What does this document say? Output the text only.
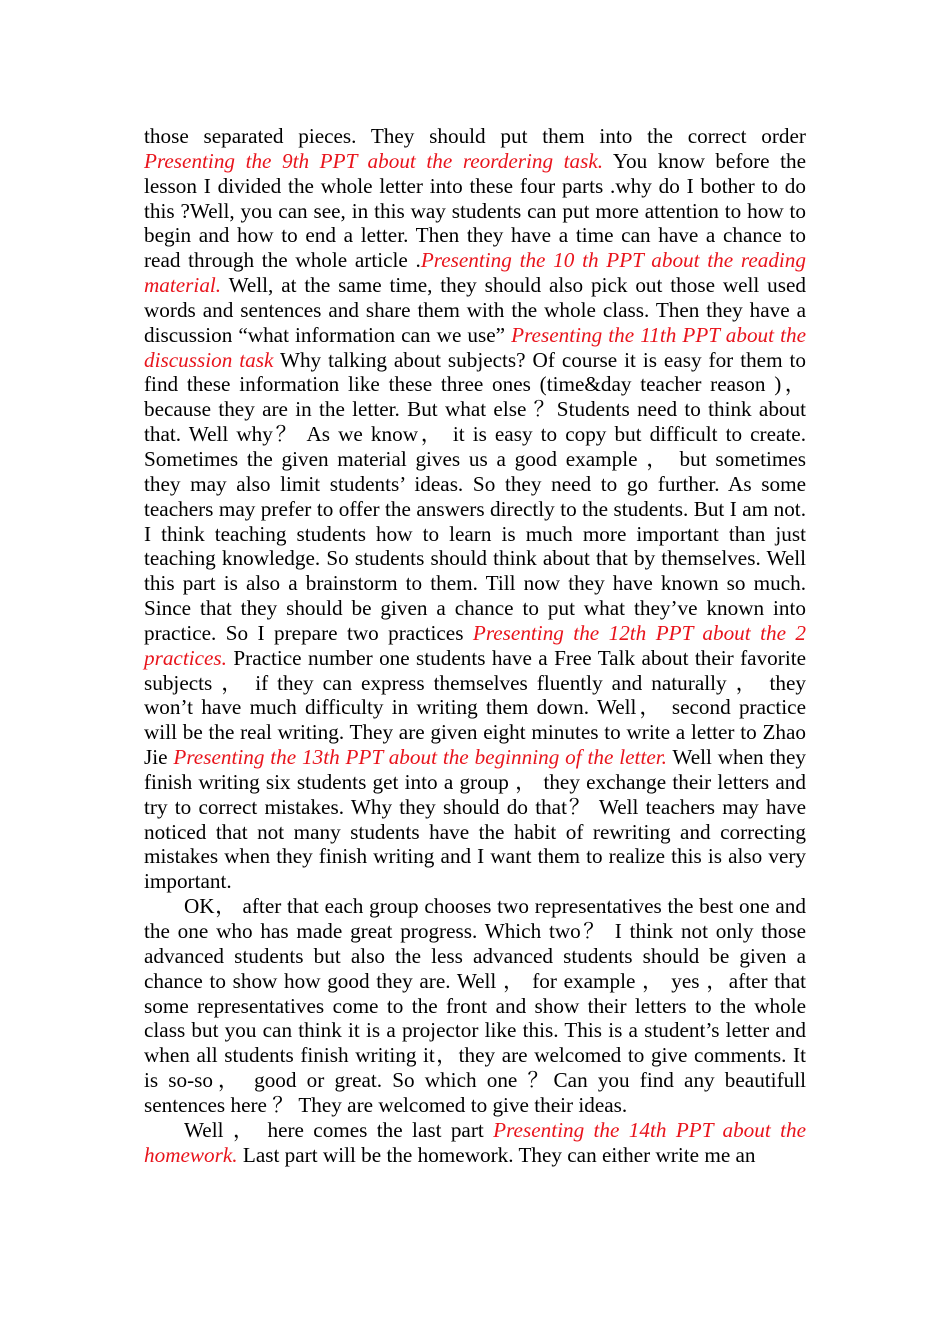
those separated pieces. They should put them into the correct order Presenting the 9th PPT about the reordering task. You know before the lesson I divided the whole letter into these four parts .why do I bother to do this ?Well, you can see, in this way students can put more attention to how to begin and how to end a letter. Then they have a time can have a chance to read through the whole article .Presenting the 10 th PPT about the reading material. Well, at the same time, they should also pick out those well used words and sentences and share them with the whole class. Then they have a discussion “what information can we use” Presenting the 11th PPT about the discussion task Why talking about subjects? Of course it is easy for them to find these information like these three ones (time&day teacher reason )，because they are in the letter. But what else ？Students need to think about that. Well why？ As we know， it is easy to copy but difficult to create. Sometimes the given material gives us a good example ， but sometimes they may also limit students’ ideas. So they need to go further. As some teachers may prefer to offer the answers directly to the students. But I am not. I think teaching students how to learn is much more important than just teaching knowledge. So students should think about that by themselves. Well this part is also a brainstorm to them. Till now they have known so much. Since that they should be given a chance to put what they’ve known into practice. So I prepare two practices Presenting the 12th PPT about the 2 practices. Practice number one students have a Free Talk about their favorite subjects ， if they can express themselves fluently and naturally ， they won’t have much difficulty in writing them down. Well， second practice will be the real writing. They are given eight minutes to write a letter to Zhao Jie Presenting the 13th PPT about the beginning of the letter. Well when they finish writing six students get into a group ， they exchange their letters and try to correct mistakes. Why they should do that？ Well teachers may have noticed that not many students have the habit of rewriting and correcting mistakes when they finish writing and I want them to realize this is also very important.

OK， after that each group chooses two representatives the best one and the one who has made great progress. Which two？ I think not only those advanced students but also the less advanced students should be given a chance to show how good they are. Well ， for example ， yes ，after that some representatives come to the front and show their letters to the whole class but you can think it is a projector like this. This is a student’s letter and when all students finish writing it，they are welcomed to give comments. It is so-so， good or great. So which one ？Can you find any beautifull sentences here ？ They are welcomed to give their ideas.

Well ， here comes the last part Presenting the 14th PPT about the homework. Last part will be the homework. They can either write me an
